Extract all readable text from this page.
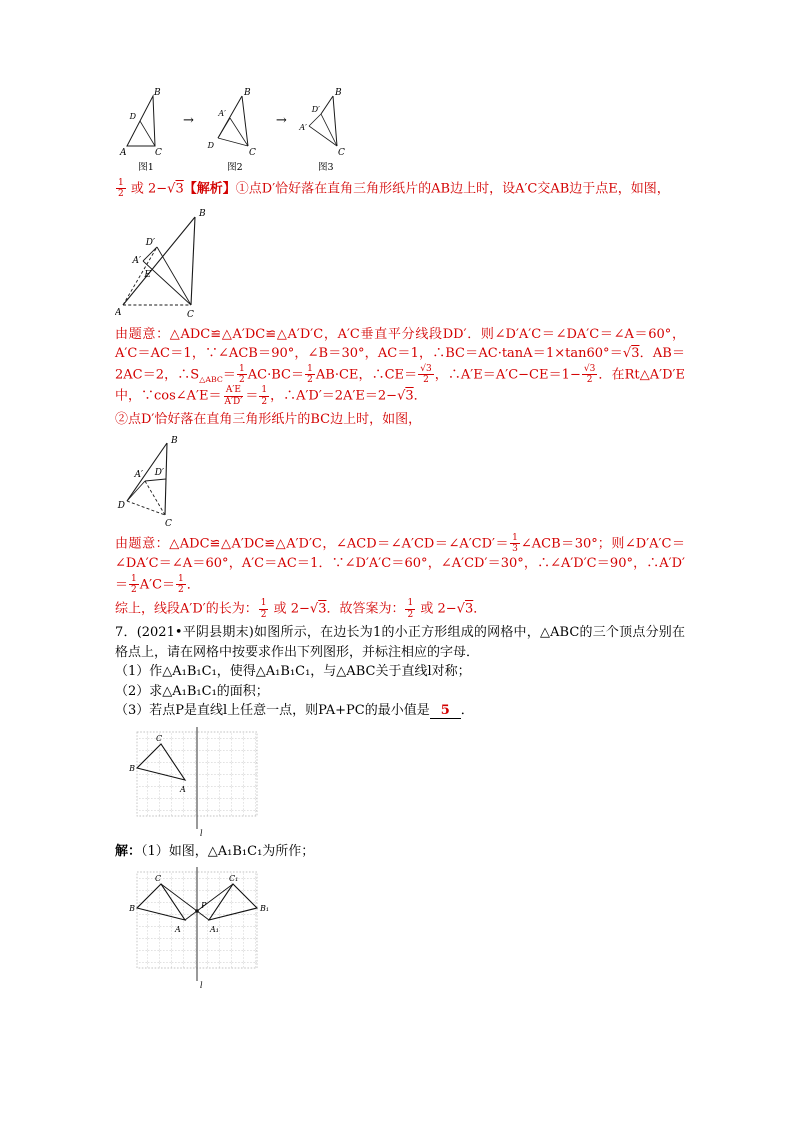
B
D
A	C
图1
→
B
A′
D
C
图2
→
B
A′
D′
C
图3

$\frac{1}{2}$ 或 2−√3【解析】①点D′恰好落在直角三角形纸片的AB边上时，设A′C交AB边于点E，如图，

B
D′
A′
E
A	C

由题意：△ADC≌△A′DC≌△A′D′C，A′C垂直平分线段DD′．则∠D′A′C＝∠DA′C＝∠A＝60°，A′C＝AC＝1，∵∠ACB＝90°，∠B＝30°，AC＝1，∴BC＝AC·tanA＝1×tan60°＝√3．AB＝2AC＝2，$\therefore S_{\triangle ABC}= \frac{1}{2} AC\cdot BC= \frac{1}{2} AB\cdot CE$，∴CE＝ $\frac{√3}{2}$ ，∴A′E＝A′C−CE＝1− $\frac{√3}{2}$ ．在Rt△A′D′E中，∵cos∠A′E＝ $\frac{A'E}{A'D'} = \frac{1}{2}$ ，∴A′D′＝2A′E＝2−√3．

②点D′恰好落在直角三角形纸片的BC边上时，如图，

B
A′ D′
D
C

由题意：△ADC≌△A′DC≌△A′D′C，∠ACD＝∠A′CD＝∠A′CD′＝ $\frac{1}{3}$ ∠ACB＝30°；则∠D′A′C＝∠DA′C＝∠A＝60°，A′C＝AC＝1．∵∠D′A′C＝60°，∠A′CD′＝30°，∴∠A′D′C＝90°，∴A′D′＝ $\frac{1}{2} A'C= \frac{1}{2}$ ．

综上，线段A′D′的长为： $\frac{1}{2}$ 或 2−√3．故答案为： $\frac{1}{2}$ 或 2−√3．

7．(2021•平阴县期末)如图所示，在边长为1的小正方形组成的网格中，△ABC的三个顶点分别在格点上，请在网格中按要求作出下列图形，并标注相应的字母．

（1）作△A₁B₁C₁，使得△A₁B₁C₁，与△ABC关于直线l对称；

（2）求△A₁B₁C₁的面积；

（3）若点P是直线l上任意一点，则PA+PC的最小值是 5 ．

C
B
A
l

解：（1）如图，△A₁B₁C₁为所作；

C	C₁
B	B₁
A	A₁
P
l
